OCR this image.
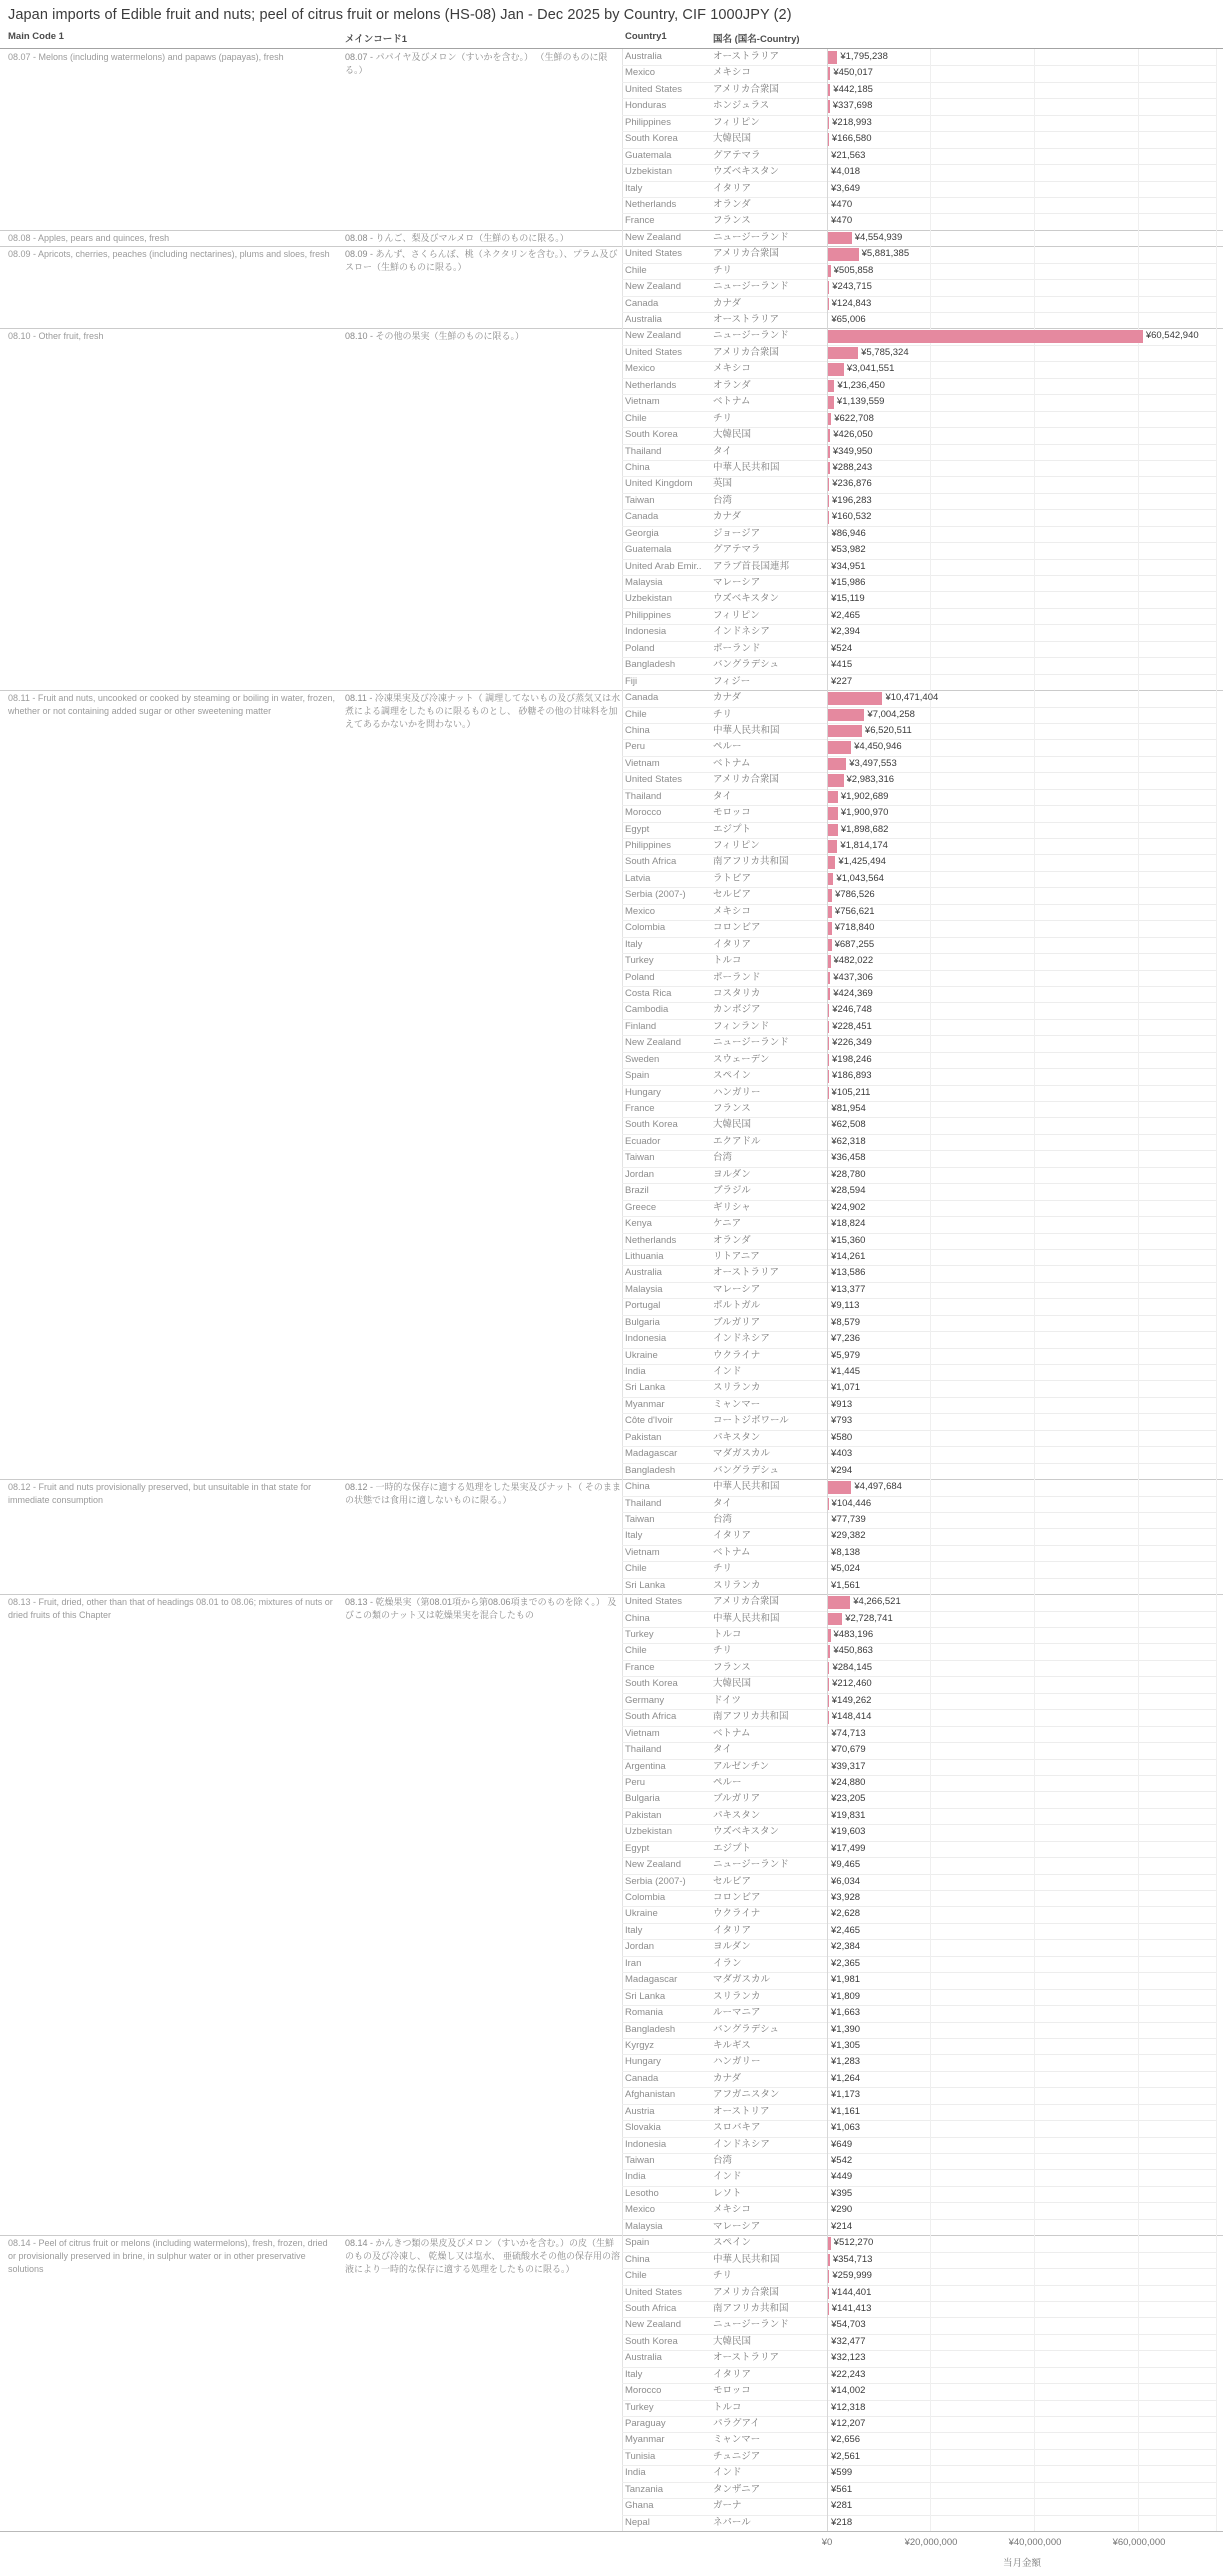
Japan imports of Edible fruit and nuts; peel of citrus fruit or melons (HS-08) Jan - Dec 2025 by Country, CIF 1000JPY (2)
Main Code 1	メインコード1	Country1	国名 (国名-Country)
08.07 - Melons (including watermelons) and papaws (papayas), fresh	08.07 - パパイヤ及びメロン（すいかを含む。） （生鮮のものに限る。）
Australia	オーストラリア	¥1,795,238
Mexico	メキシコ	¥450,017
United States	アメリカ合衆国	¥442,185
Honduras	ホンジュラス	¥337,698
Philippines	フィリピン	¥218,993
South Korea	大韓民国	¥166,580
Guatemala	グアテマラ	¥21,563
Uzbekistan	ウズベキスタン	¥4,018
Italy	イタリア	¥3,649
Netherlands	オランダ	¥470
France	フランス	¥470
08.08 - Apples, pears and quinces, fresh	08.08 - りんご、梨及びマルメロ（生鮮のものに限る。）	New Zealand	ニュージーランド	¥4,554,939
08.09 - Apricots, cherries, peaches (including nectarines), plums and sloes, fresh	08.09 - あんず、さくらんぼ、桃（ネクタリンを含む。）、プラム及びスロー（生鮮のものに限る。）
United States	アメリカ合衆国	¥5,881,385
Chile	チリ	¥505,858
New Zealand	ニュージーランド	¥243,715
Canada	カナダ	¥124,843
Australia	オーストラリア	¥65,006
08.10 - Other fruit, fresh	08.10 - その他の果実（生鮮のものに限る。）	New Zealand	ニュージーランド	¥60,542,940
United States	アメリカ合衆国	¥5,785,324
Mexico	メキシコ	¥3,041,551
Netherlands	オランダ	¥1,236,450
Vietnam	ベトナム	¥1,139,559
Chile	チリ	¥622,708
South Korea	大韓民国	¥426,050
Thailand	タイ	¥349,950
China	中華人民共和国	¥288,243
United Kingdom	英国	¥236,876
Taiwan	台湾	¥196,283
Canada	カナダ	¥160,532
Georgia	ジョージア	¥86,946
Guatemala	グアテマラ	¥53,982
United Arab Emir..	アラブ首長国連邦	¥34,951
Malaysia	マレーシア	¥15,986
Uzbekistan	ウズベキスタン	¥15,119
Philippines	フィリピン	¥2,465
Indonesia	インドネシア	¥2,394
Poland	ポーランド	¥524
Bangladesh	バングラデシュ	¥415
Fiji	フィジー	¥227
08.11 - Fruit and nuts, uncooked or cooked by steaming or boiling in water, frozen, whether or not containing added sugar or other sweetening matter
08.11 - 冷凍果実及び冷凍ナット（ 調理してないもの及び蒸気又は水煮による調理をしたものに限るものとし、 砂糖その他の甘味料を加えてあるかないかを問わない。）
Canada	カナダ	¥10,471,404
Chile	チリ	¥7,004,258
China	中華人民共和国	¥6,520,511
Peru	ペルー	¥4,450,946
Vietnam	ベトナム	¥3,497,553
United States	アメリカ合衆国	¥2,983,316
Thailand	タイ	¥1,902,689
Morocco	モロッコ	¥1,900,970
Egypt	エジプト	¥1,898,682
Philippines	フィリピン	¥1,814,174
South Africa	南アフリカ共和国	¥1,425,494
Latvia	ラトビア	¥1,043,564
Serbia (2007-)	セルビア	¥786,526
Mexico	メキシコ	¥756,621
Colombia	コロンビア	¥718,840
Italy	イタリア	¥687,255
Turkey	トルコ	¥482,022
Poland	ポーランド	¥437,306
Costa Rica	コスタリカ	¥424,369
Cambodia	カンボジア	¥246,748
Finland	フィンランド	¥228,451
New Zealand	ニュージーランド	¥226,349
Sweden	スウェーデン	¥198,246
Spain	スペイン	¥186,893
Hungary	ハンガリー	¥105,211
France	フランス	¥81,954
South Korea	大韓民国	¥62,508
Ecuador	エクアドル	¥62,318
Taiwan	台湾	¥36,458
Jordan	ヨルダン	¥28,780
Brazil	ブラジル	¥28,594
Greece	ギリシャ	¥24,902
Kenya	ケニア	¥18,824
Netherlands	オランダ	¥15,360
Lithuania	リトアニア	¥14,261
Australia	オーストラリア	¥13,586
Malaysia	マレーシア	¥13,377
Portugal	ポルトガル	¥9,113
Bulgaria	ブルガリア	¥8,579
Indonesia	インドネシア	¥7,236
Ukraine	ウクライナ	¥5,979
India	インド	¥1,445
Sri Lanka	スリランカ	¥1,071
Myanmar	ミャンマー	¥913
Côte d'Ivoir	コートジボワール	¥793
Pakistan	パキスタン	¥580
Madagascar	マダガスカル	¥403
Bangladesh	バングラデシュ	¥294
08.12 - Fruit and nuts provisionally preserved, but unsuitable in that state for immediate consumption
08.12 - 一時的な保存に適する処理をした果実及びナット（ そのままの状態では食用に適しないものに限る。）
China	中華人民共和国	¥4,497,684
Thailand	タイ	¥104,446
Taiwan	台湾	¥77,739
Italy	イタリア	¥29,382
Vietnam	ベトナム	¥8,138
Chile	チリ	¥5,024
Sri Lanka	スリランカ	¥1,561
08.13 - Fruit, dried, other than that of headings 08.01 to 08.06; mixtures of nuts or dried fruits of this Chapter
08.13 - 乾燥果実（第08.01項から第08.06項までのものを除く。） 及びこの類のナット又は乾燥果実を混合したもの
United States	アメリカ合衆国	¥4,266,521
China	中華人民共和国	¥2,728,741
Turkey	トルコ	¥483,196
Chile	チリ	¥450,863
France	フランス	¥284,145
South Korea	大韓民国	¥212,460
Germany	ドイツ	¥149,262
South Africa	南アフリカ共和国	¥148,414
Vietnam	ベトナム	¥74,713
Thailand	タイ	¥70,679
Argentina	アルゼンチン	¥39,317
Peru	ペルー	¥24,880
Bulgaria	ブルガリア	¥23,205
Pakistan	パキスタン	¥19,831
Uzbekistan	ウズベキスタン	¥19,603
Egypt	エジプト	¥17,499
New Zealand	ニュージーランド	¥9,465
Serbia (2007-)	セルビア	¥6,034
Colombia	コロンビア	¥3,928
Ukraine	ウクライナ	¥2,628
Italy	イタリア	¥2,465
Jordan	ヨルダン	¥2,384
Iran	イラン	¥2,365
Madagascar	マダガスカル	¥1,981
Sri Lanka	スリランカ	¥1,809
Romania	ルーマニア	¥1,663
Bangladesh	バングラデシュ	¥1,390
Kyrgyz	キルギス	¥1,305
Hungary	ハンガリー	¥1,283
Canada	カナダ	¥1,264
Afghanistan	アフガニスタン	¥1,173
Austria	オーストリア	¥1,161
Slovakia	スロバキア	¥1,063
Indonesia	インドネシア	¥649
Taiwan	台湾	¥542
India	インド	¥449
Lesotho	レソト	¥395
Mexico	メキシコ	¥290
Malaysia	マレーシア	¥214
08.14 - Peel of citrus fruit or melons (including watermelons), fresh, frozen, dried or provisionally preserved in brine, in sulphur water or in other preservative solutions
08.14 - かんきつ類の果皮及びメロン（すいかを含む。）の皮（生鮮のもの及び冷凍し、 乾燥し又は塩水、 亜硫酸水その他の保存用の溶液により一時的な保存に適する処理をしたものに限る。）
Spain	スペイン	¥512,270
China	中華人民共和国	¥354,713
Chile	チリ	¥259,999
United States	アメリカ合衆国	¥144,401
South Africa	南アフリカ共和国	¥141,413
New Zealand	ニュージーランド	¥54,703
South Korea	大韓民国	¥32,477
Australia	オーストラリア	¥32,123
Italy	イタリア	¥22,243
Morocco	モロッコ	¥14,002
Turkey	トルコ	¥12,318
Paraguay	パラグアイ	¥12,207
Myanmar	ミャンマー	¥2,656
Tunisia	チュニジア	¥2,561
India	インド	¥599
Tanzania	タンザニア	¥561
Ghana	ガーナ	¥281
Nepal	ネパール	¥218
当月金額
¥0	¥20,000,000	¥40,000,000	¥60,000,000
